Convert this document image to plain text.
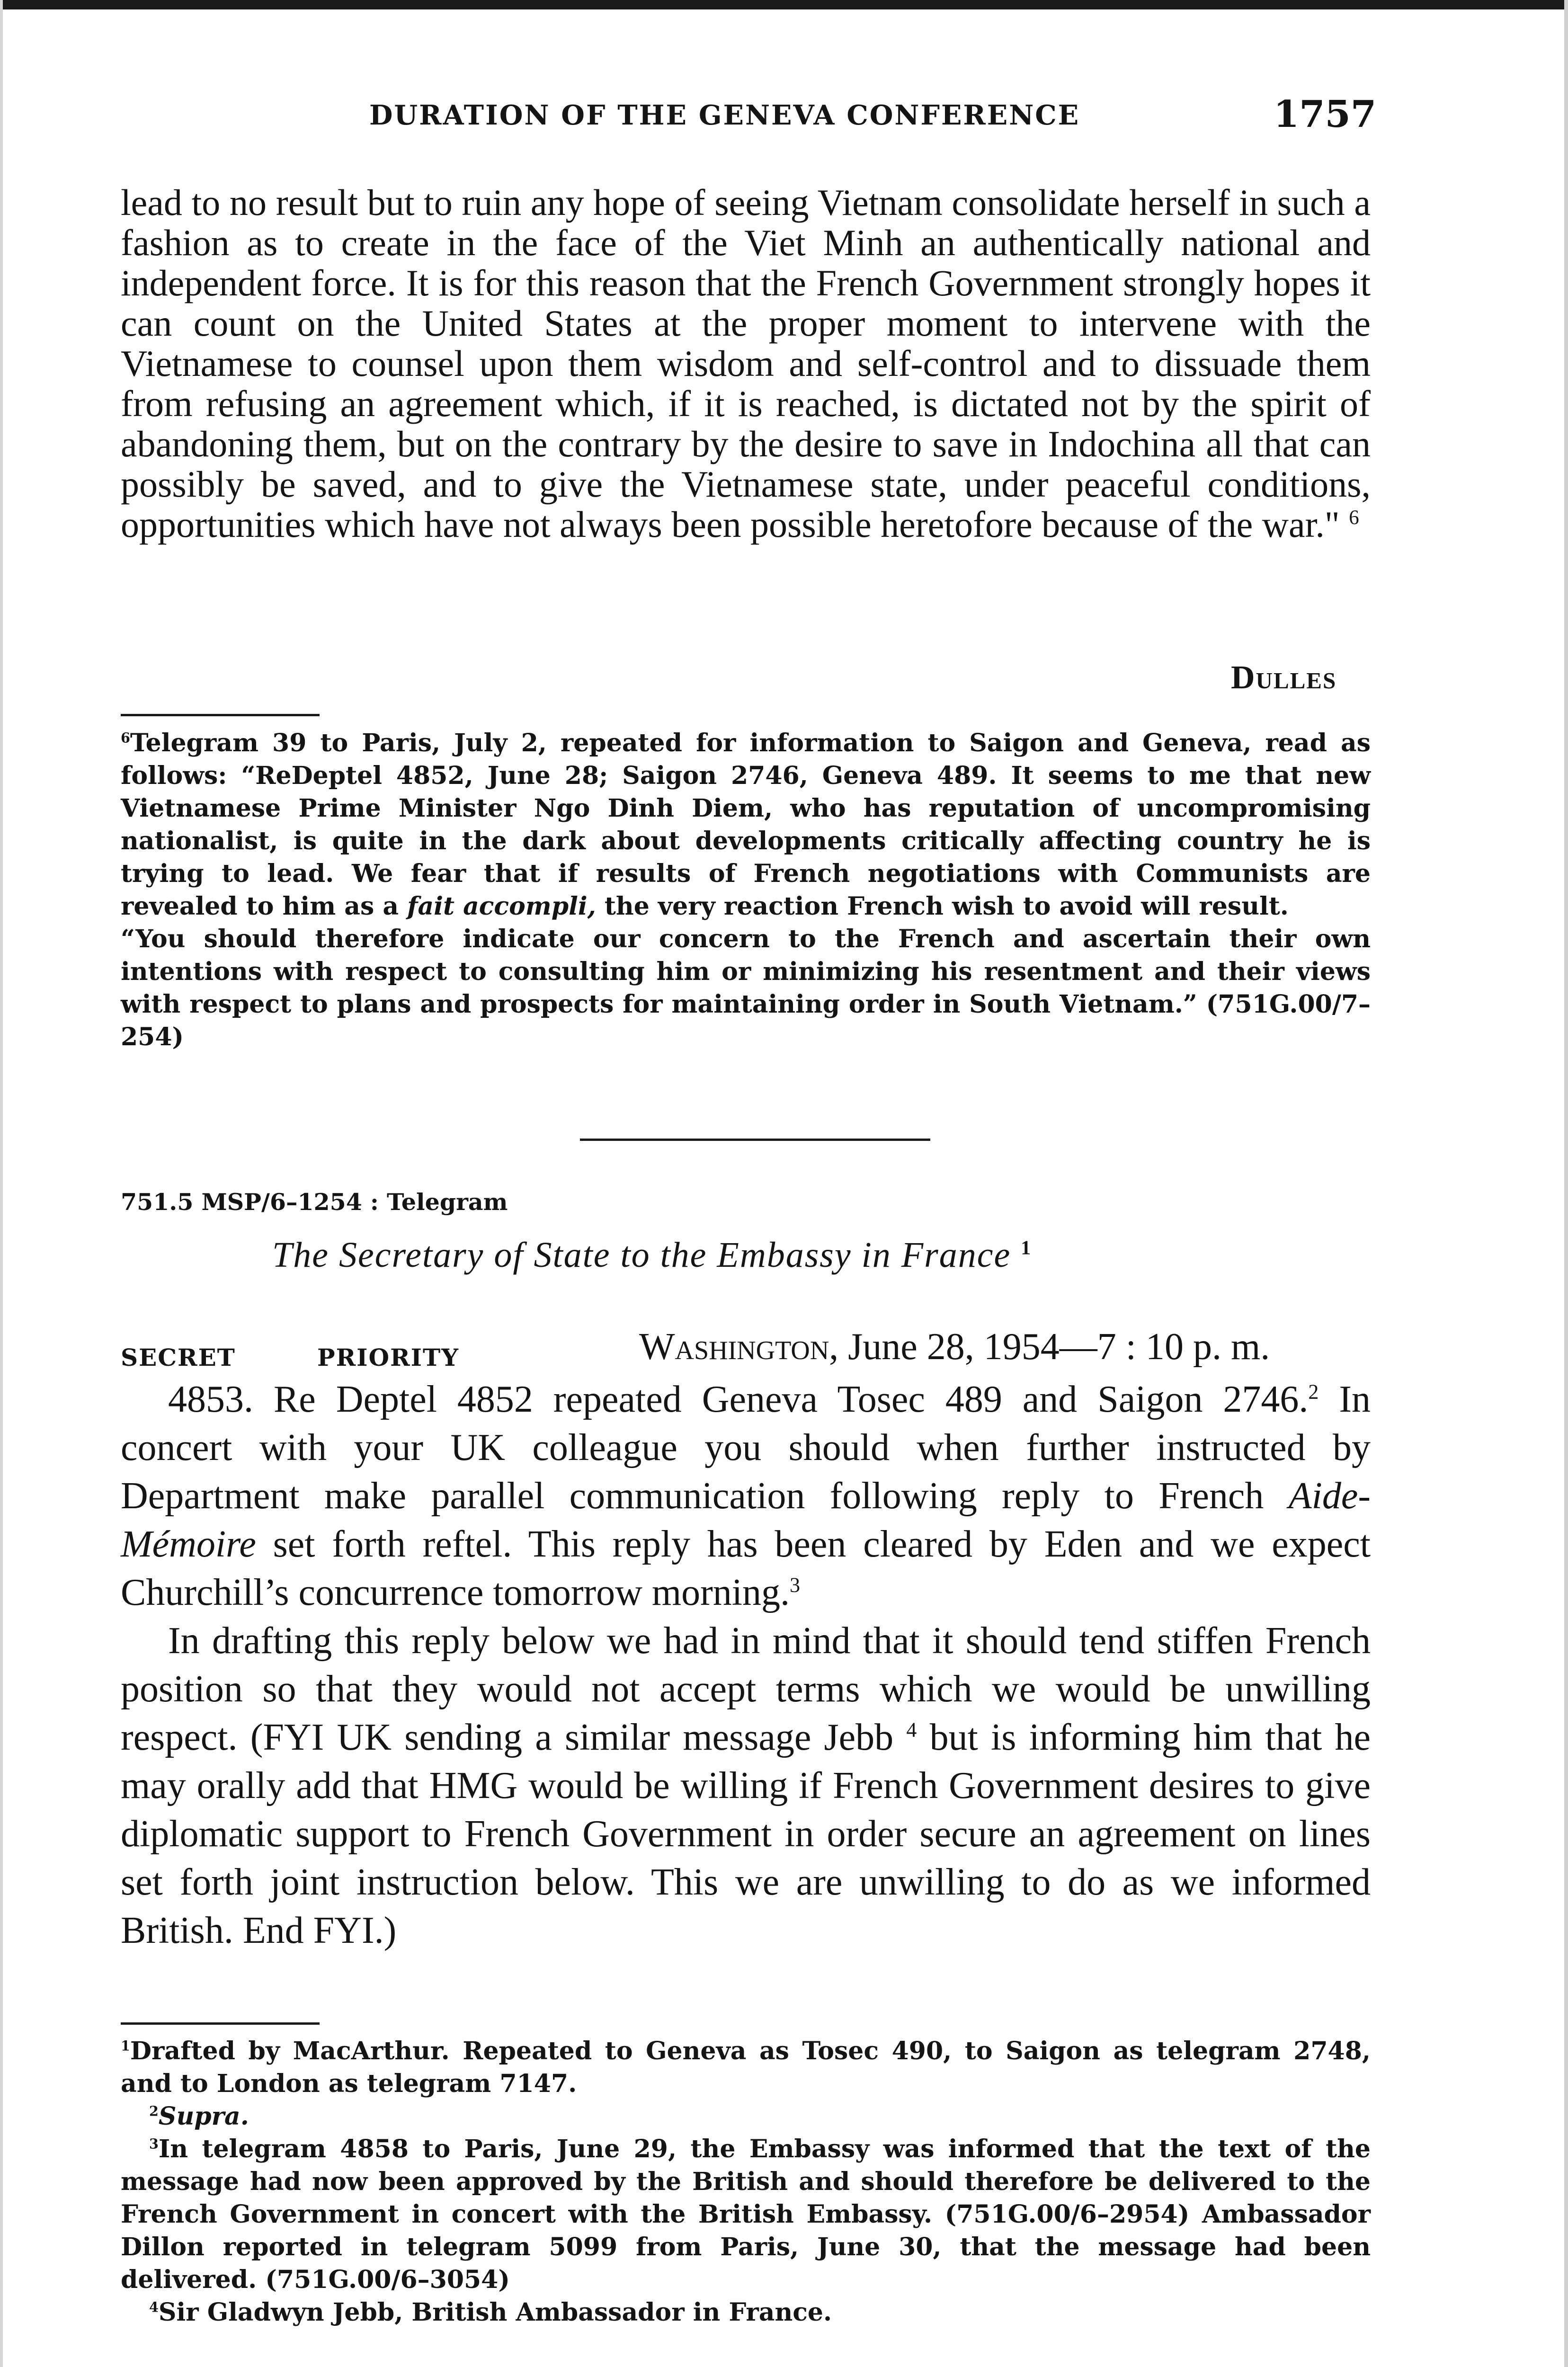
DURATION OF THE GENEVA CONFERENCE	1757
lead to no result but to ruin any hope of seeing Vietnam consolidate herself in such a fashion as to create in the face of the Viet Minh an authentically national and independent force. It is for this reason that the French Government strongly hopes it can count on the United States at the proper moment to intervene with the Vietnamese to counsel upon them wisdom and self-control and to dissuade them from refusing an agreement which, if it is reached, is dictated not by the spirit of abandoning them, but on the contrary by the desire to save in Indochina all that can possibly be saved, and to give the Vietnamese state, under peaceful conditions, opportunities which have not always been possible heretofore because of the war." $^6$
Dulles

$^6$Telegram 39 to Paris, July 2, repeated for information to Saigon and Geneva, read as follows: “ReDeptel 4852, June 28; Saigon 2746, Geneva 489. It seems to me that new Vietnamese Prime Minister Ngo Dinh Diem, who has reputation of uncompromising nationalist, is quite in the dark about developments critically affecting country he is trying to lead. We fear that if results of French negotiations with Communists are revealed to him as a fait accompli, the very reaction French wish to avoid will result.

“You should therefore indicate our concern to the French and ascertain their own intentions with respect to consulting him or minimizing his resentment and their views with respect to plans and prospects for maintaining order in South Vietnam.” (751G.00/7–254)

751.5 MSP/6–1254 : Telegram
The Secretary of State to the Embassy in France $^1$
SECRET	PRIORITY	Washington, June 28, 1954—7 : 10 p. m.

4853. Re Deptel 4852 repeated Geneva Tosec 489 and Saigon 2746.$^2$ In concert with your UK colleague you should when further instructed by Department make parallel communication following reply to French Aide-Mémoire set forth reftel. This reply has been cleared by Eden and we expect Churchill’s concurrence tomorrow morning.$^3$

In drafting this reply below we had in mind that it should tend stiffen French position so that they would not accept terms which we would be unwilling respect. (FYI UK sending a similar message Jebb $^4$ but is informing him that he may orally add that HMG would be willing if French Government desires to give diplomatic support to French Government in order secure an agreement on lines set forth joint instruction below. This we are unwilling to do as we informed British. End FYI.)

$^1$Drafted by MacArthur. Repeated to Geneva as Tosec 490, to Saigon as telegram 2748, and to London as telegram 7147.

$^2$Supra.

$^3$In telegram 4858 to Paris, June 29, the Embassy was informed that the text of the message had now been approved by the British and should therefore be delivered to the French Government in concert with the British Embassy. (751G.00/6–2954) Ambassador Dillon reported in telegram 5099 from Paris, June 30, that the message had been delivered. (751G.00/6–3054)

$^4$Sir Gladwyn Jebb, British Ambassador in France.
